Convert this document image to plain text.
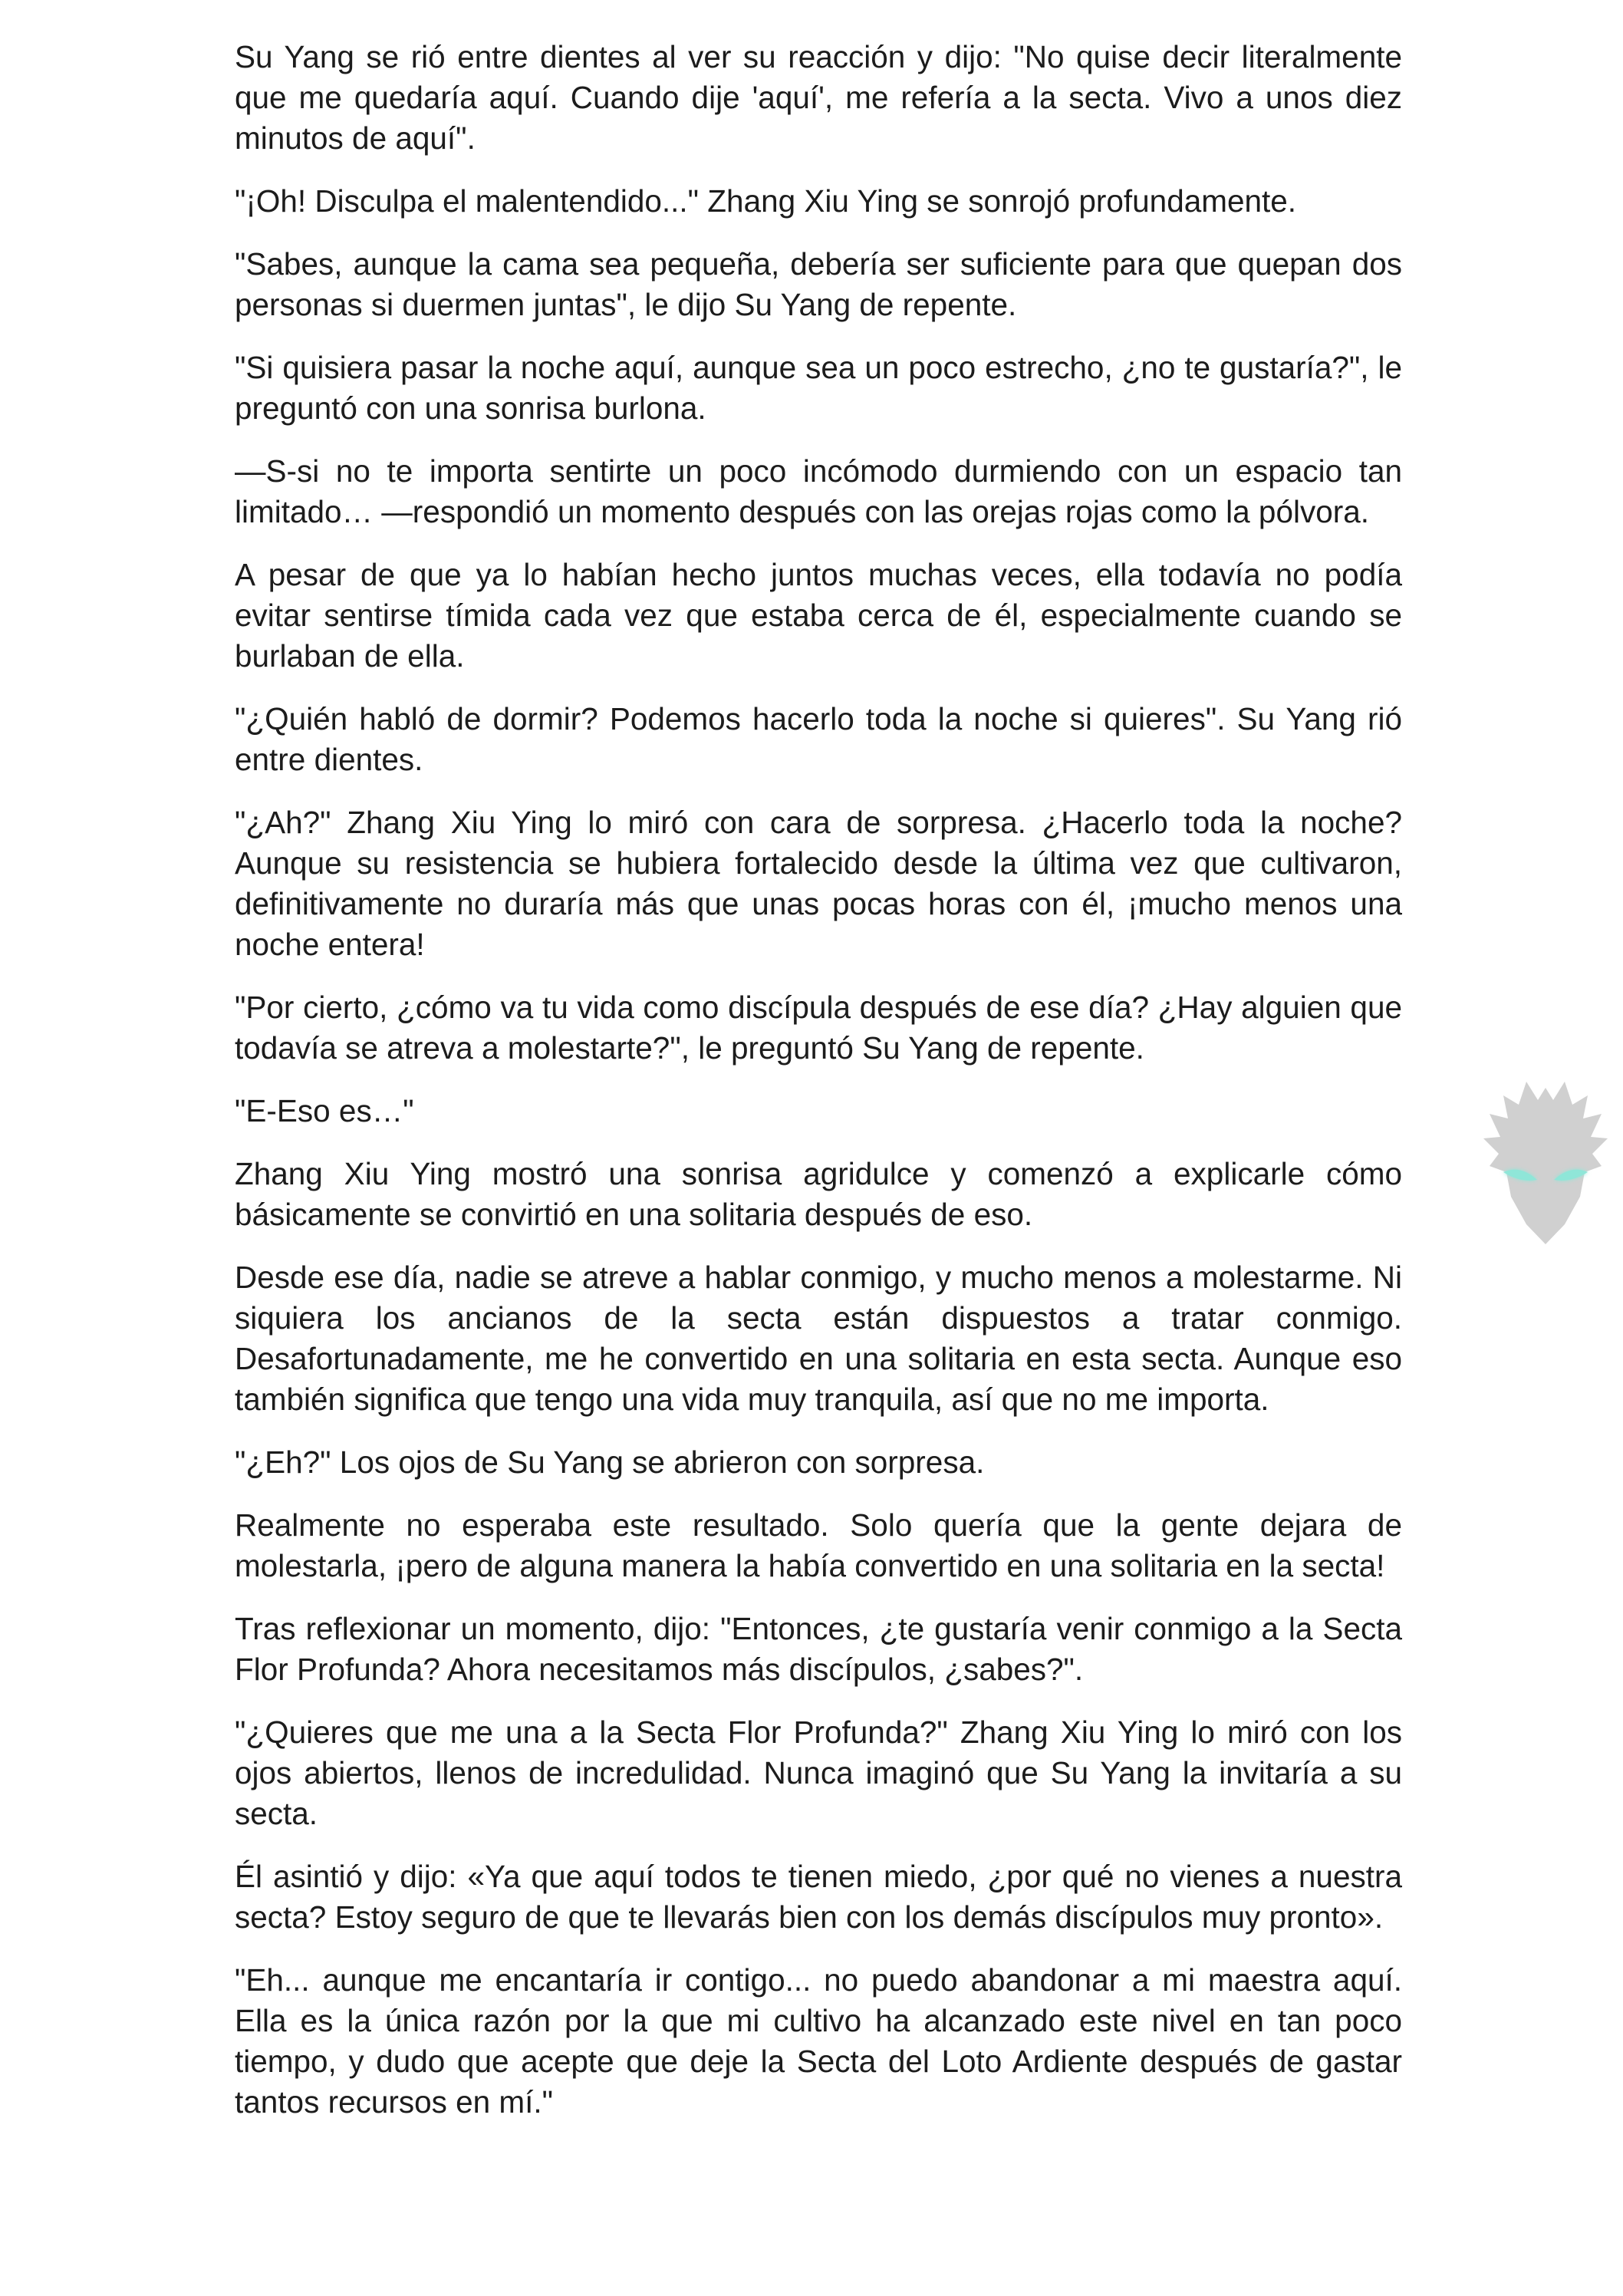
Su Yang se rió entre dientes al ver su reacción y dijo: "No quise decir literalmente que me quedaría aquí. Cuando dije 'aquí', me refería a la secta. Vivo a unos diez minutos de aquí".

"¡Oh! Disculpa el malentendido..." Zhang Xiu Ying se sonrojó profundamente.

"Sabes, aunque la cama sea pequeña, debería ser suficiente para que quepan dos personas si duermen juntas", le dijo Su Yang de repente.

"Si quisiera pasar la noche aquí, aunque sea un poco estrecho, ¿no te gustaría?", le preguntó con una sonrisa burlona.

—S-si no te importa sentirte un poco incómodo durmiendo con un espacio tan limitado… —respondió un momento después con las orejas rojas como la pólvora.

A pesar de que ya lo habían hecho juntos muchas veces, ella todavía no podía evitar sentirse tímida cada vez que estaba cerca de él, especialmente cuando se burlaban de ella.

"¿Quién habló de dormir? Podemos hacerlo toda la noche si quieres". Su Yang rió entre dientes.

"¿Ah?" Zhang Xiu Ying lo miró con cara de sorpresa. ¿Hacerlo toda la noche? Aunque su resistencia se hubiera fortalecido desde la última vez que cultivaron, definitivamente no duraría más que unas pocas horas con él, ¡mucho menos una noche entera!

"Por cierto, ¿cómo va tu vida como discípula después de ese día? ¿Hay alguien que todavía se atreva a molestarte?", le preguntó Su Yang de repente.

"E-Eso es…"

Zhang Xiu Ying mostró una sonrisa agridulce y comenzó a explicarle cómo básicamente se convirtió en una solitaria después de eso.

Desde ese día, nadie se atreve a hablar conmigo, y mucho menos a molestarme. Ni siquiera los ancianos de la secta están dispuestos a tratar conmigo. Desafortunadamente, me he convertido en una solitaria en esta secta. Aunque eso también significa que tengo una vida muy tranquila, así que no me importa.

"¿Eh?" Los ojos de Su Yang se abrieron con sorpresa.

Realmente no esperaba este resultado. Solo quería que la gente dejara de molestarla, ¡pero de alguna manera la había convertido en una solitaria en la secta!

Tras reflexionar un momento, dijo: "Entonces, ¿te gustaría venir conmigo a la Secta Flor Profunda? Ahora necesitamos más discípulos, ¿sabes?".

"¿Quieres que me una a la Secta Flor Profunda?" Zhang Xiu Ying lo miró con los ojos abiertos, llenos de incredulidad. Nunca imaginó que Su Yang la invitaría a su secta.

Él asintió y dijo: «Ya que aquí todos te tienen miedo, ¿por qué no vienes a nuestra secta? Estoy seguro de que te llevarás bien con los demás discípulos muy pronto».

"Eh... aunque me encantaría ir contigo... no puedo abandonar a mi maestra aquí. Ella es la única razón por la que mi cultivo ha alcanzado este nivel en tan poco tiempo, y dudo que acepte que deje la Secta del Loto Ardiente después de gastar tantos recursos en mí."
